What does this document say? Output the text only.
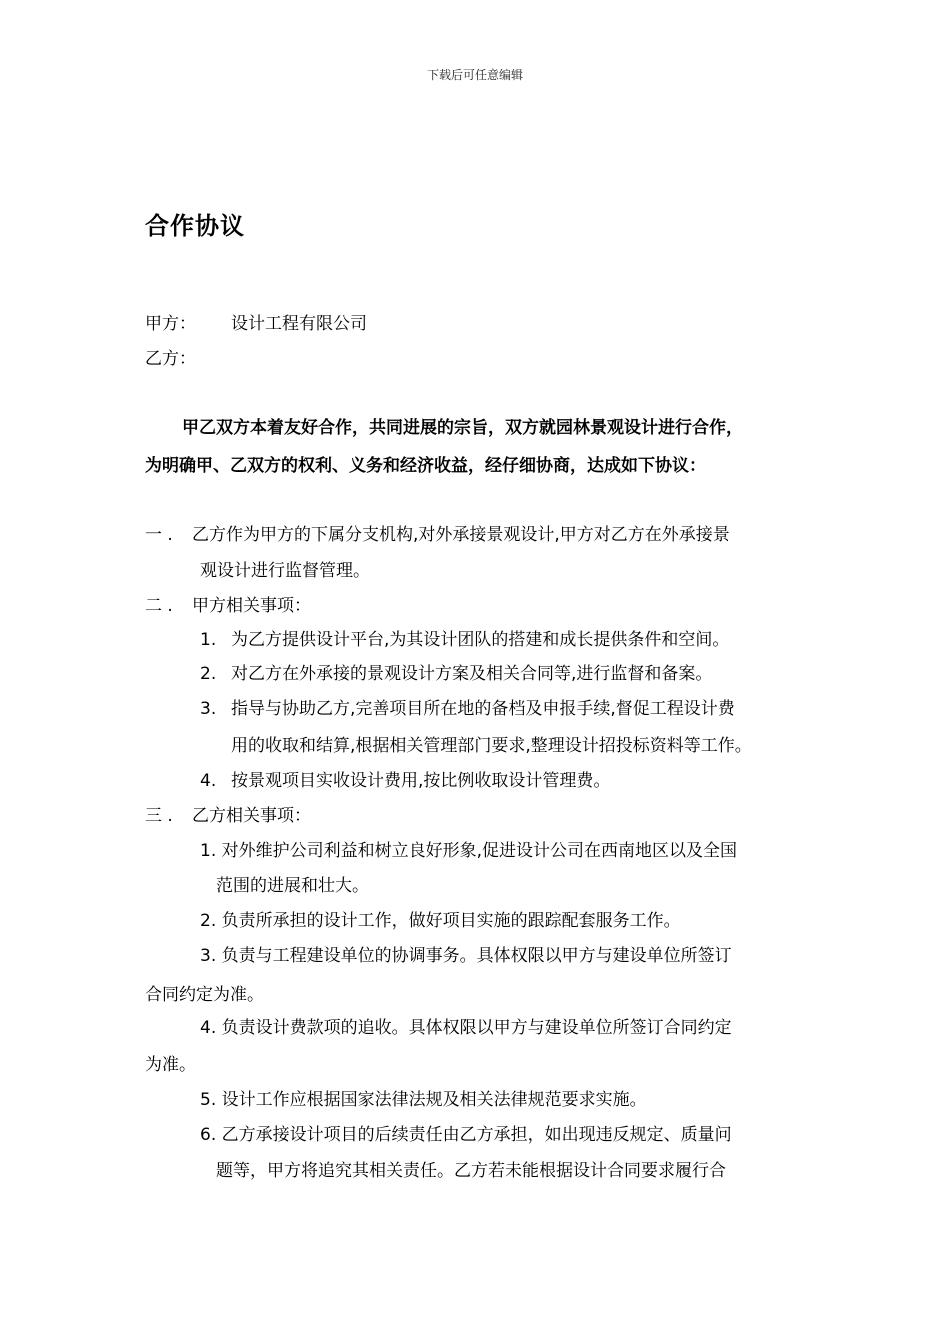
下载后可任意编辑
合作协议
甲方： 设计工程有限公司
乙方：
甲乙双方本着友好合作，共同进展的宗旨，双方就园林景观设计进行合作，
为明确甲、乙双方的权利、义务和经济收益，经仔细协商，达成如下协议：
一 . 乙方作为甲方的下属分支机构,对外承接景观设计,甲方对乙方在外承接景
观设计进行监督管理。
二 . 甲方相关事项：
1. 为乙方提供设计平台,为其设计团队的搭建和成长提供条件和空间。
2. 对乙方在外承接的景观设计方案及相关合同等,进行监督和备案。
3. 指导与协助乙方,完善项目所在地的备档及申报手续,督促工程设计费
用的收取和结算,根据相关管理部门要求,整理设计招投标资料等工作。
4. 按景观项目实收设计费用,按比例收取设计管理费。
三 . 乙方相关事项：
1. 对外维护公司利益和树立良好形象,促进设计公司在西南地区以及全国
范围的进展和壮大。
2. 负责所承担的设计工作，做好项目实施的跟踪配套服务工作。
3. 负责与工程建设单位的协调事务。具体权限以甲方与建设单位所签订
合同约定为准。
4. 负责设计费款项的追收。具体权限以甲方与建设单位所签订合同约定
为准。
5. 设计工作应根据国家法律法规及相关法律规范要求实施。
6. 乙方承接设计项目的后续责任由乙方承担，如出现违反规定、质量问
题等，甲方将追究其相关责任。乙方若未能根据设计合同要求履行合
